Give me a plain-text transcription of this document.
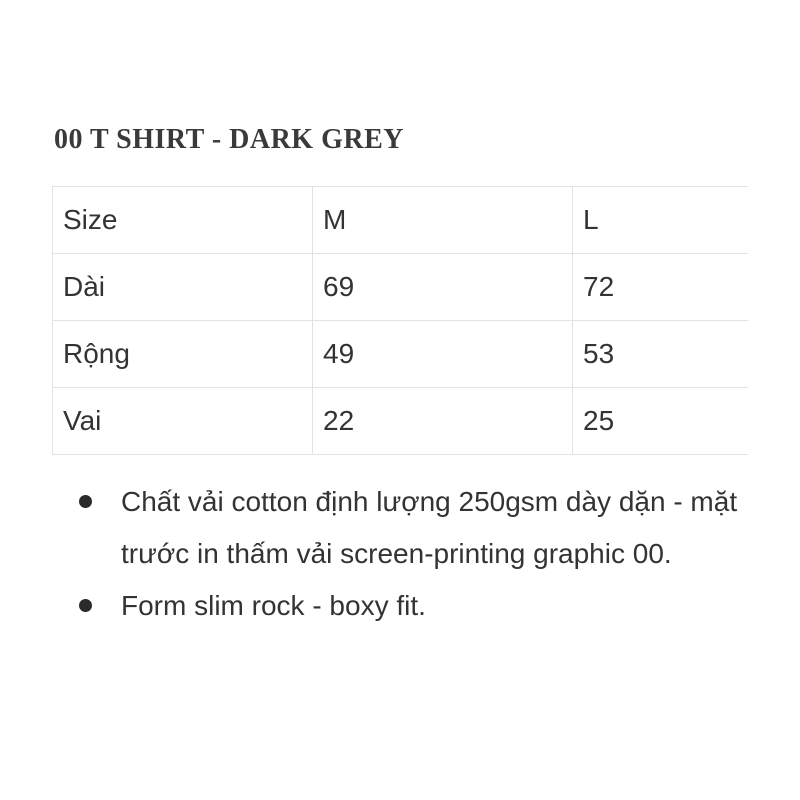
00 T SHIRT - DARK GREY
Size	M	L
Dài	69	72
Rộng	49	53
Vai	22	25
Chất vải cotton định lượng 250gsm dày dặn - mặt trước in thấm vải screen-printing graphic 00.
Form slim rock - boxy fit.
